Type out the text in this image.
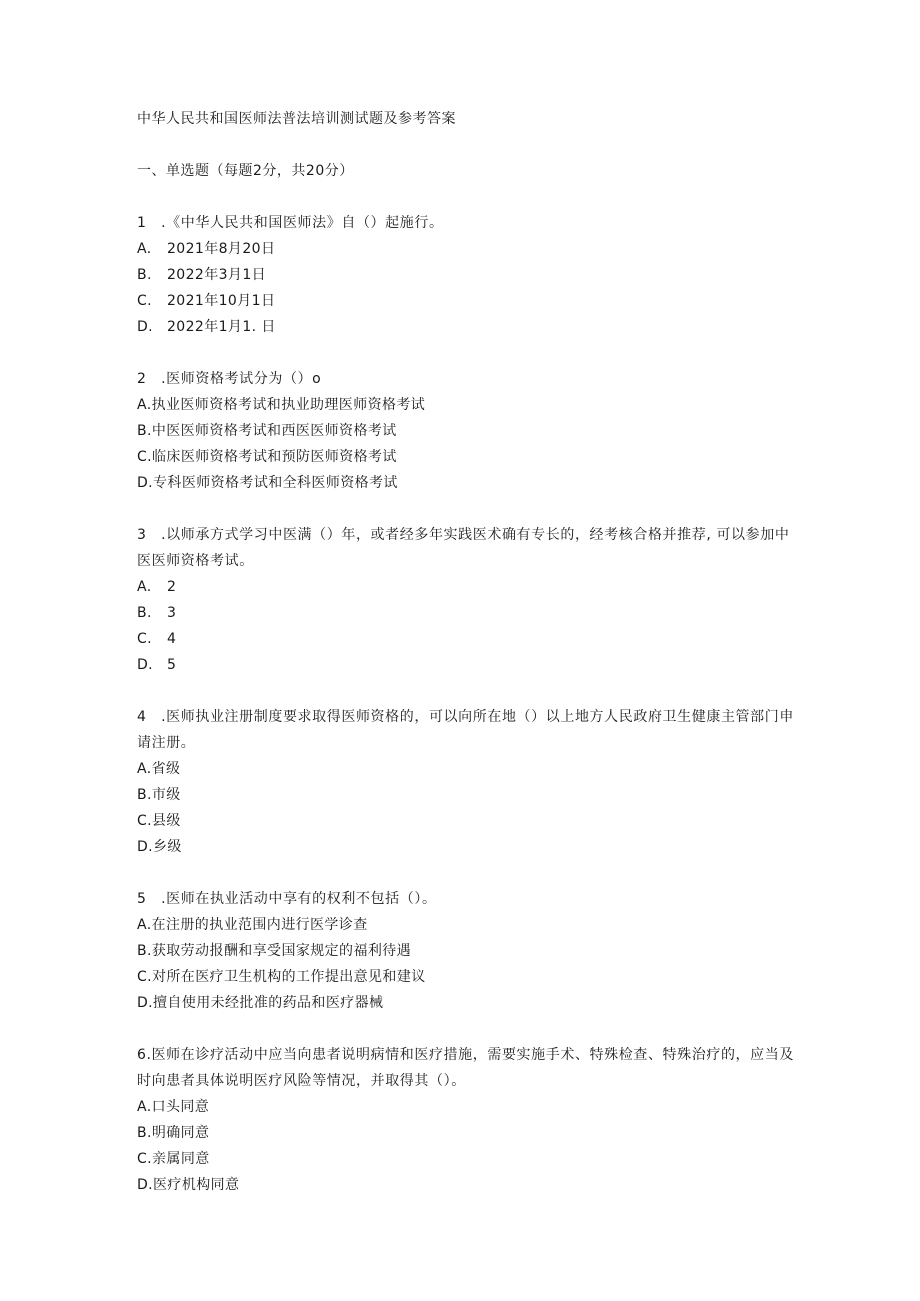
中华人民共和国医师法普法培训测试题及参考答案
一、单选题（每题2分，共20分）

1　.《中华人民共和国医师法》自（）起施行。

A. 2021年8月20日
B. 2022年3月1日
C. 2021年10月1日
D. 2022年1月1. 日

2　.医师资格考试分为（）o

A.执业医师资格考试和执业助理医师资格考试
B.中医医师资格考试和西医医师资格考试
C.临床医师资格考试和预防医师资格考试
D.专科医师资格考试和全科医师资格考试

3　.以师承方式学习中医满（）年，或者经多年实践医术确有专长的，经考核合格并推荐, 可以参加中医医师资格考试。

A. 2
B. 3
C. 4
D. 5

4　.医师执业注册制度要求取得医师资格的，可以向所在地（）以上地方人民政府卫生健康主管部门申请注册。

A.省级
B.市级
C.县级
D.乡级

5　.医师在执业活动中享有的权利不包括（）。

A.在注册的执业范围内进行医学诊查
B.获取劳动报酬和享受国家规定的福利待遇
C.对所在医疗卫生机构的工作提出意见和建议
D.擅自使用未经批准的药品和医疗器械

6.医师在诊疗活动中应当向患者说明病情和医疗措施，需要实施手术、特殊检查、特殊治疗的，应当及时向患者具体说明医疗风险等情况，并取得其（）。

A.口头同意
B.明确同意
C.亲属同意
D.医疗机构同意
